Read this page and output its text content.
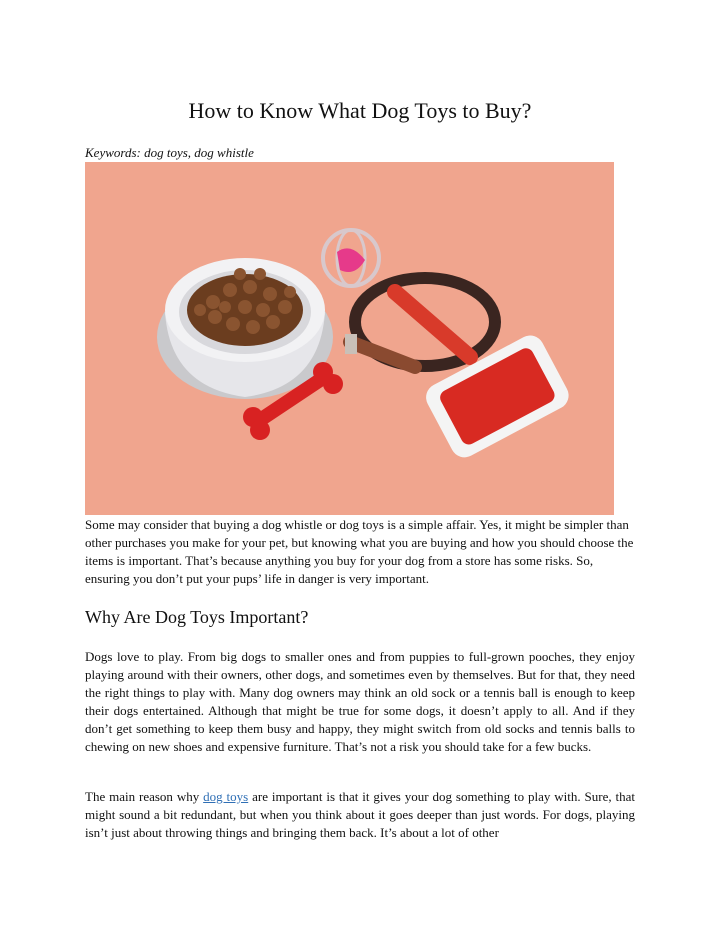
How to Know What Dog Toys to Buy?
Keywords: dog toys, dog whistle

Some may consider that buying a dog whistle or dog toys is a simple affair. Yes, it might be simpler than other purchases you make for your pet, but knowing what you are buying and how you should choose the items is important. That’s because anything you buy for your dog from a store has some risks. So, ensuring you don’t put your pups’ life in danger is very important.

Why Are Dog Toys Important?

Dogs love to play. From big dogs to smaller ones and from puppies to full-grown pooches, they enjoy playing around with their owners, other dogs, and sometimes even by themselves. But for that, they need the right things to play with. Many dog owners may think an old sock or a tennis ball is enough to keep their dogs entertained. Although that might be true for some dogs, it doesn’t apply to all. And if they don’t get something to keep them busy and happy, they might switch from old socks and tennis balls to chewing on new shoes and expensive furniture. That’s not a risk you should take for a few bucks.

The main reason why dog toys are important is that it gives your dog something to play with. Sure, that might sound a bit redundant, but when you think about it goes deeper than just words. For dogs, playing isn’t just about throwing things and bringing them back. It’s about a lot of other
